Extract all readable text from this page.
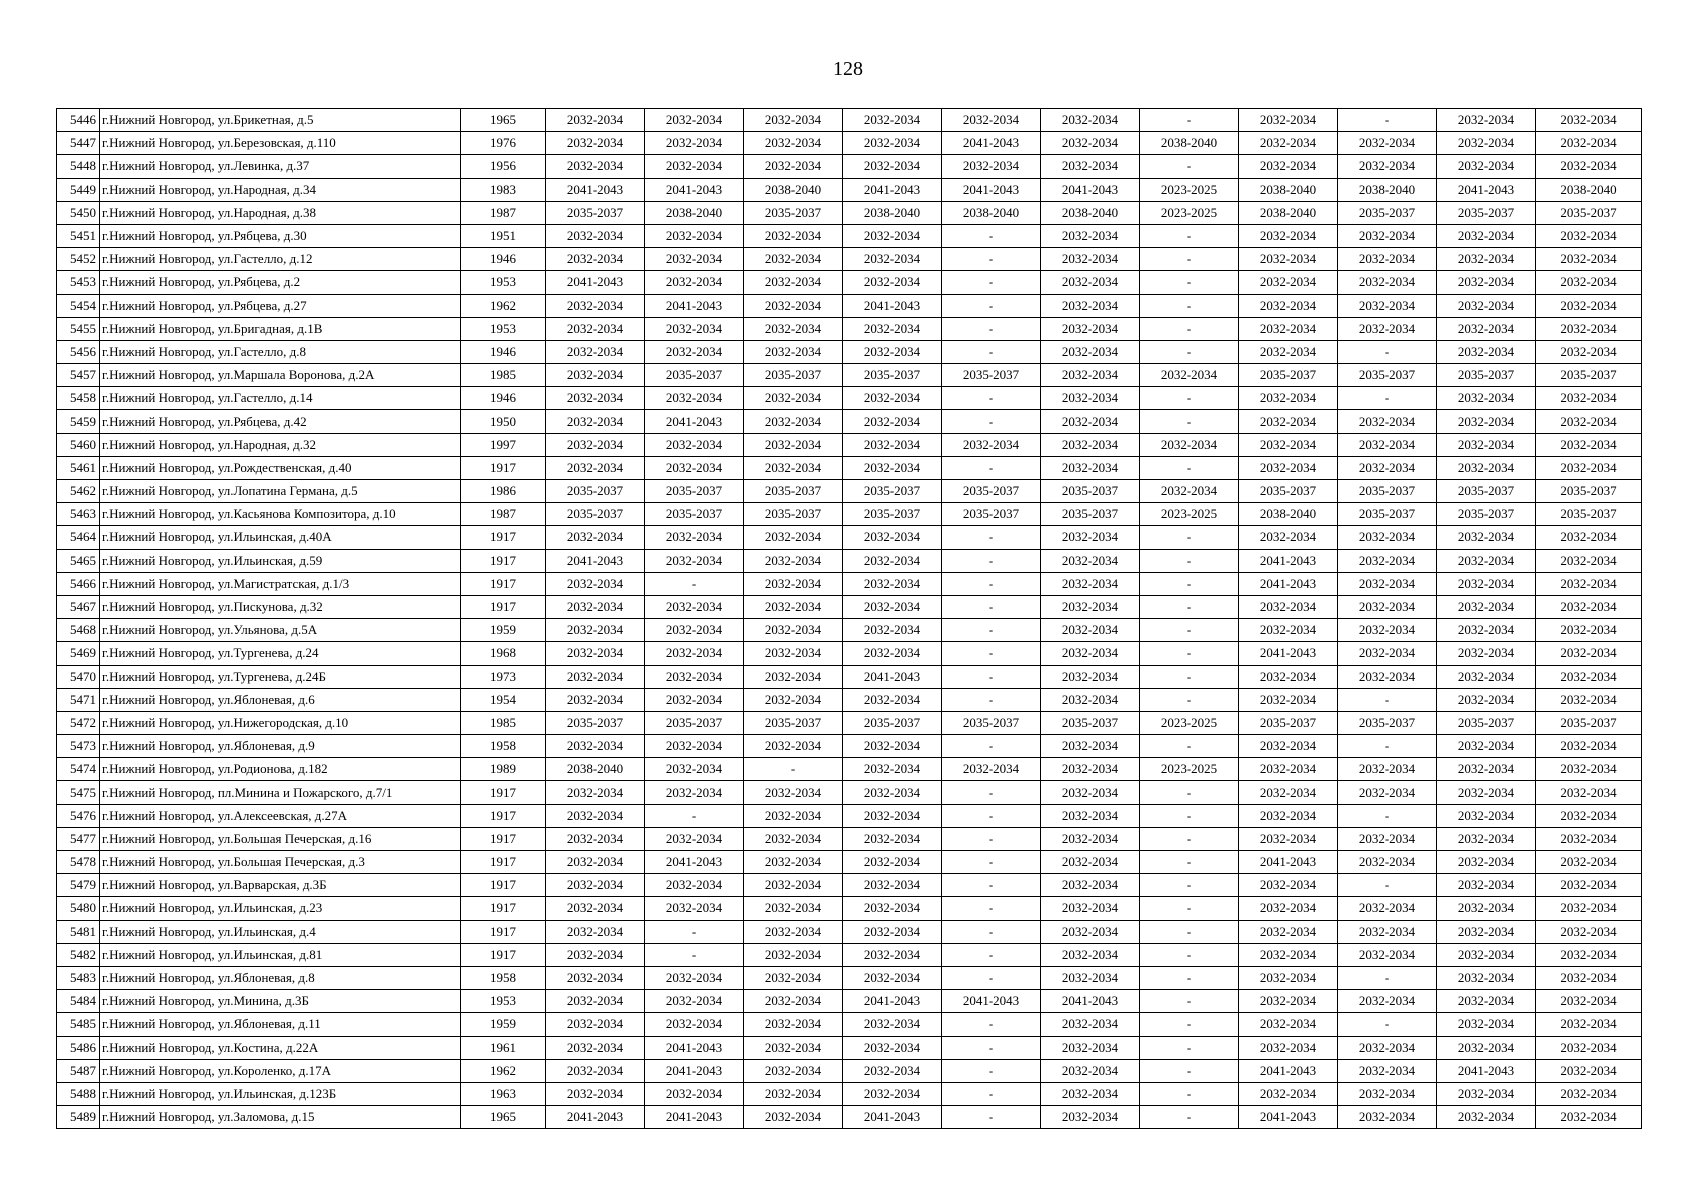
128
5446	г.Нижний Новгород, ул.Брикетная, д.5	1965	2032-2034	2032-2034	2032-2034	2032-2034	2032-2034	2032-2034	-	2032-2034	-	2032-2034	2032-2034
5447	г.Нижний Новгород, ул.Березовская, д.110	1976	2032-2034	2032-2034	2032-2034	2032-2034	2041-2043	2032-2034	2038-2040	2032-2034	2032-2034	2032-2034	2032-2034
5448	г.Нижний Новгород, ул.Левинка, д.37	1956	2032-2034	2032-2034	2032-2034	2032-2034	2032-2034	2032-2034	-	2032-2034	2032-2034	2032-2034	2032-2034
5449	г.Нижний Новгород, ул.Народная, д.34	1983	2041-2043	2041-2043	2038-2040	2041-2043	2041-2043	2041-2043	2023-2025	2038-2040	2038-2040	2041-2043	2038-2040
5450	г.Нижний Новгород, ул.Народная, д.38	1987	2035-2037	2038-2040	2035-2037	2038-2040	2038-2040	2038-2040	2023-2025	2038-2040	2035-2037	2035-2037	2035-2037
5451	г.Нижний Новгород, ул.Рябцева, д.30	1951	2032-2034	2032-2034	2032-2034	2032-2034	-	2032-2034	-	2032-2034	2032-2034	2032-2034	2032-2034
5452	г.Нижний Новгород, ул.Гастелло, д.12	1946	2032-2034	2032-2034	2032-2034	2032-2034	-	2032-2034	-	2032-2034	2032-2034	2032-2034	2032-2034
5453	г.Нижний Новгород, ул.Рябцева, д.2	1953	2041-2043	2032-2034	2032-2034	2032-2034	-	2032-2034	-	2032-2034	2032-2034	2032-2034	2032-2034
5454	г.Нижний Новгород, ул.Рябцева, д.27	1962	2032-2034	2041-2043	2032-2034	2041-2043	-	2032-2034	-	2032-2034	2032-2034	2032-2034	2032-2034
5455	г.Нижний Новгород, ул.Бригадная, д.1В	1953	2032-2034	2032-2034	2032-2034	2032-2034	-	2032-2034	-	2032-2034	2032-2034	2032-2034	2032-2034
5456	г.Нижний Новгород, ул.Гастелло, д.8	1946	2032-2034	2032-2034	2032-2034	2032-2034	-	2032-2034	-	2032-2034	-	2032-2034	2032-2034
5457	г.Нижний Новгород, ул.Маршала Воронова, д.2А	1985	2032-2034	2035-2037	2035-2037	2035-2037	2035-2037	2032-2034	2032-2034	2035-2037	2035-2037	2035-2037	2035-2037
5458	г.Нижний Новгород, ул.Гастелло, д.14	1946	2032-2034	2032-2034	2032-2034	2032-2034	-	2032-2034	-	2032-2034	-	2032-2034	2032-2034
5459	г.Нижний Новгород, ул.Рябцева, д.42	1950	2032-2034	2041-2043	2032-2034	2032-2034	-	2032-2034	-	2032-2034	2032-2034	2032-2034	2032-2034
5460	г.Нижний Новгород, ул.Народная, д.32	1997	2032-2034	2032-2034	2032-2034	2032-2034	2032-2034	2032-2034	2032-2034	2032-2034	2032-2034	2032-2034	2032-2034
5461	г.Нижний Новгород, ул.Рождественская, д.40	1917	2032-2034	2032-2034	2032-2034	2032-2034	-	2032-2034	-	2032-2034	2032-2034	2032-2034	2032-2034
5462	г.Нижний Новгород, ул.Лопатина Германа, д.5	1986	2035-2037	2035-2037	2035-2037	2035-2037	2035-2037	2035-2037	2032-2034	2035-2037	2035-2037	2035-2037	2035-2037
5463	г.Нижний Новгород, ул.Касьянова Композитора, д.10	1987	2035-2037	2035-2037	2035-2037	2035-2037	2035-2037	2035-2037	2023-2025	2038-2040	2035-2037	2035-2037	2035-2037
5464	г.Нижний Новгород, ул.Ильинская, д.40А	1917	2032-2034	2032-2034	2032-2034	2032-2034	-	2032-2034	-	2032-2034	2032-2034	2032-2034	2032-2034
5465	г.Нижний Новгород, ул.Ильинская, д.59	1917	2041-2043	2032-2034	2032-2034	2032-2034	-	2032-2034	-	2041-2043	2032-2034	2032-2034	2032-2034
5466	г.Нижний Новгород, ул.Магистратская, д.1/3	1917	2032-2034	-	2032-2034	2032-2034	-	2032-2034	-	2041-2043	2032-2034	2032-2034	2032-2034
5467	г.Нижний Новгород, ул.Пискунова, д.32	1917	2032-2034	2032-2034	2032-2034	2032-2034	-	2032-2034	-	2032-2034	2032-2034	2032-2034	2032-2034
5468	г.Нижний Новгород, ул.Ульянова, д.5А	1959	2032-2034	2032-2034	2032-2034	2032-2034	-	2032-2034	-	2032-2034	2032-2034	2032-2034	2032-2034
5469	г.Нижний Новгород, ул.Тургенева, д.24	1968	2032-2034	2032-2034	2032-2034	2032-2034	-	2032-2034	-	2041-2043	2032-2034	2032-2034	2032-2034
5470	г.Нижний Новгород, ул.Тургенева, д.24Б	1973	2032-2034	2032-2034	2032-2034	2041-2043	-	2032-2034	-	2032-2034	2032-2034	2032-2034	2032-2034
5471	г.Нижний Новгород, ул.Яблоневая, д.6	1954	2032-2034	2032-2034	2032-2034	2032-2034	-	2032-2034	-	2032-2034	-	2032-2034	2032-2034
5472	г.Нижний Новгород, ул.Нижегородская, д.10	1985	2035-2037	2035-2037	2035-2037	2035-2037	2035-2037	2035-2037	2023-2025	2035-2037	2035-2037	2035-2037	2035-2037
5473	г.Нижний Новгород, ул.Яблоневая, д.9	1958	2032-2034	2032-2034	2032-2034	2032-2034	-	2032-2034	-	2032-2034	-	2032-2034	2032-2034
5474	г.Нижний Новгород, ул.Родионова, д.182	1989	2038-2040	2032-2034	-	2032-2034	2032-2034	2032-2034	2023-2025	2032-2034	2032-2034	2032-2034	2032-2034
5475	г.Нижний Новгород, пл.Минина и Пожарского, д.7/1	1917	2032-2034	2032-2034	2032-2034	2032-2034	-	2032-2034	-	2032-2034	2032-2034	2032-2034	2032-2034
5476	г.Нижний Новгород, ул.Алексеевская, д.27А	1917	2032-2034	-	2032-2034	2032-2034	-	2032-2034	-	2032-2034	-	2032-2034	2032-2034
5477	г.Нижний Новгород, ул.Большая Печерская, д.16	1917	2032-2034	2032-2034	2032-2034	2032-2034	-	2032-2034	-	2032-2034	2032-2034	2032-2034	2032-2034
5478	г.Нижний Новгород, ул.Большая Печерская, д.3	1917	2032-2034	2041-2043	2032-2034	2032-2034	-	2032-2034	-	2041-2043	2032-2034	2032-2034	2032-2034
5479	г.Нижний Новгород, ул.Варварская, д.3Б	1917	2032-2034	2032-2034	2032-2034	2032-2034	-	2032-2034	-	2032-2034	-	2032-2034	2032-2034
5480	г.Нижний Новгород, ул.Ильинская, д.23	1917	2032-2034	2032-2034	2032-2034	2032-2034	-	2032-2034	-	2032-2034	2032-2034	2032-2034	2032-2034
5481	г.Нижний Новгород, ул.Ильинская, д.4	1917	2032-2034	-	2032-2034	2032-2034	-	2032-2034	-	2032-2034	2032-2034	2032-2034	2032-2034
5482	г.Нижний Новгород, ул.Ильинская, д.81	1917	2032-2034	-	2032-2034	2032-2034	-	2032-2034	-	2032-2034	2032-2034	2032-2034	2032-2034
5483	г.Нижний Новгород, ул.Яблоневая, д.8	1958	2032-2034	2032-2034	2032-2034	2032-2034	-	2032-2034	-	2032-2034	-	2032-2034	2032-2034
5484	г.Нижний Новгород, ул.Минина, д.3Б	1953	2032-2034	2032-2034	2032-2034	2041-2043	2041-2043	2041-2043	-	2032-2034	2032-2034	2032-2034	2032-2034
5485	г.Нижний Новгород, ул.Яблоневая, д.11	1959	2032-2034	2032-2034	2032-2034	2032-2034	-	2032-2034	-	2032-2034	-	2032-2034	2032-2034
5486	г.Нижний Новгород, ул.Костина, д.22А	1961	2032-2034	2041-2043	2032-2034	2032-2034	-	2032-2034	-	2032-2034	2032-2034	2032-2034	2032-2034
5487	г.Нижний Новгород, ул.Короленко, д.17А	1962	2032-2034	2041-2043	2032-2034	2032-2034	-	2032-2034	-	2041-2043	2032-2034	2041-2043	2032-2034
5488	г.Нижний Новгород, ул.Ильинская, д.123Б	1963	2032-2034	2032-2034	2032-2034	2032-2034	-	2032-2034	-	2032-2034	2032-2034	2032-2034	2032-2034
5489	г.Нижний Новгород, ул.Заломова, д.15	1965	2041-2043	2041-2043	2032-2034	2041-2043	-	2032-2034	-	2041-2043	2032-2034	2032-2034	2032-2034
